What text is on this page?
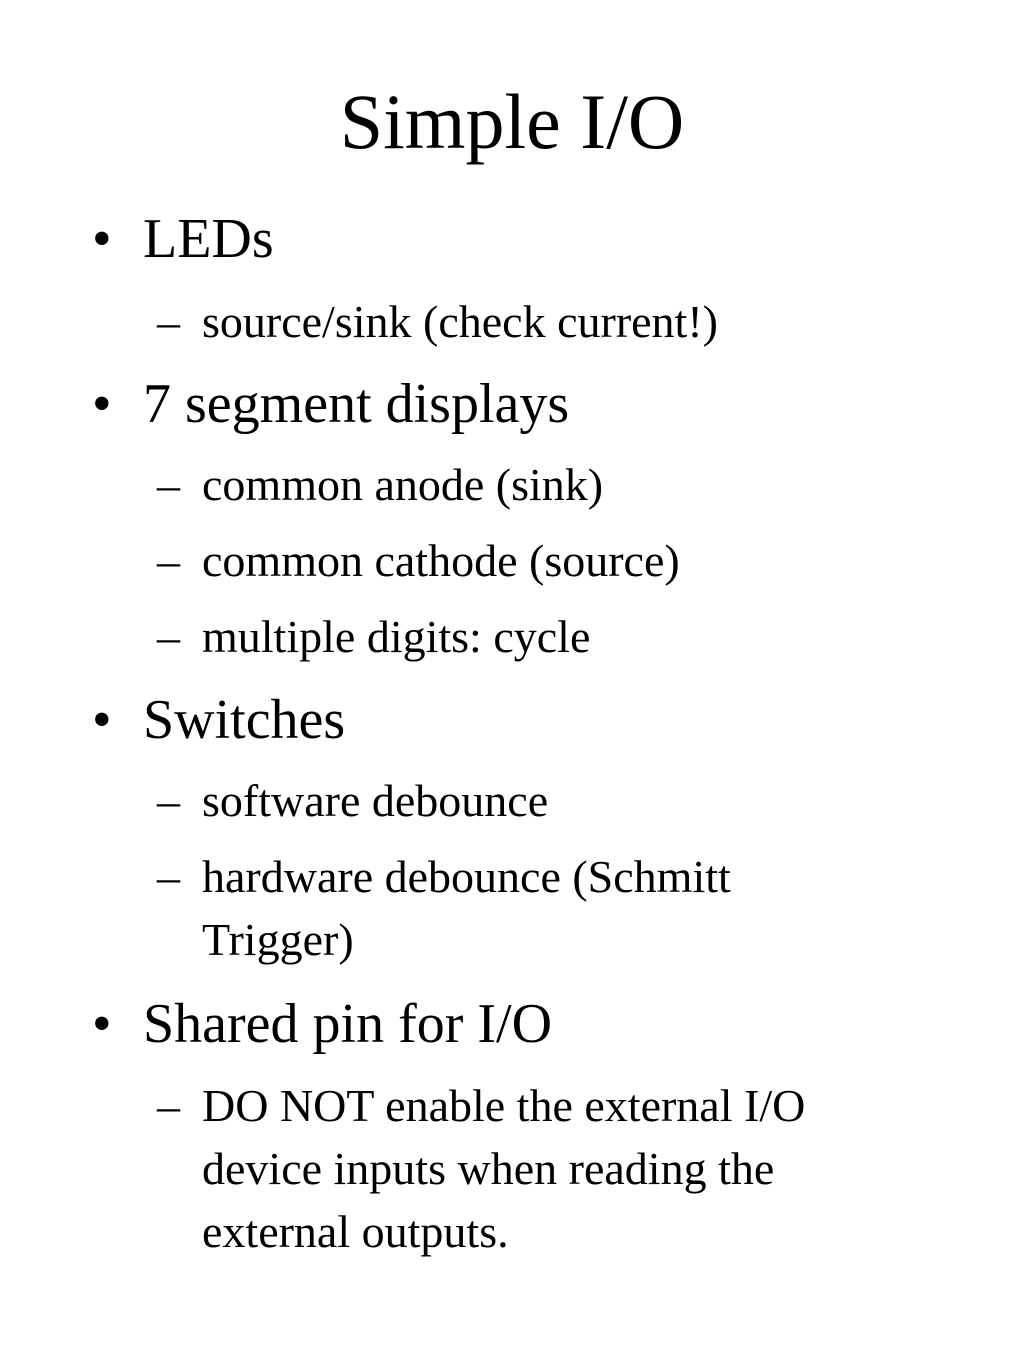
Simple I/O
• LEDs
– source/sink (check current!)
• 7 segment displays
– common anode (sink)
– common cathode (source)
– multiple digits: cycle
• Switches
– software debounce
– hardware debounce (Schmitt Trigger)
• Shared pin for I/O
– DO NOT enable the external I/O device inputs when reading the external outputs.
